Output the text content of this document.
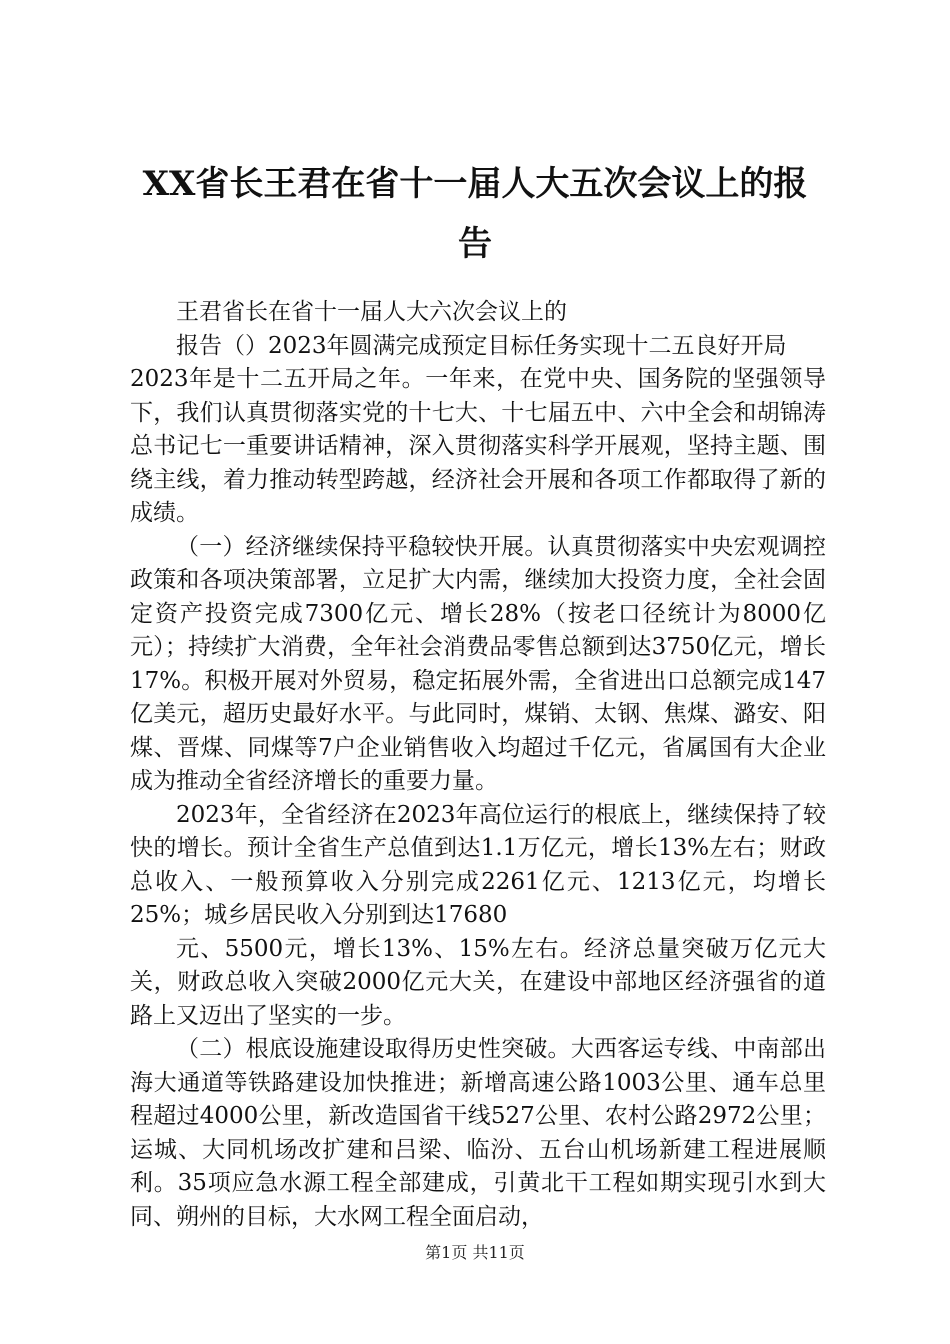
XX省长王君在省十一届人大五次会议上的报
告

王君省长在省十一届人大六次会议上的

报告（）2023年圆满完成预定目标任务实现十二五良好开局

2023年是十二五开局之年。一年来，在党中央、国务院的坚强领导下，我们认真贯彻落实党的十七大、十七届五中、六中全会和胡锦涛总书记七一重要讲话精神，深入贯彻落实科学开展观，坚持主题、围绕主线，着力推动转型跨越，经济社会开展和各项工作都取得了新的成绩。

（一）经济继续保持平稳较快开展。认真贯彻落实中央宏观调控政策和各项决策部署，立足扩大内需，继续加大投资力度，全社会固定资产投资完成7300亿元、增长28%（按老口径统计为8000亿元）；持续扩大消费，全年社会消费品零售总额到达3750亿元，增长17%。积极开展对外贸易，稳定拓展外需，全省进出口总额完成147亿美元，超历史最好水平。与此同时，煤销、太钢、焦煤、潞安、阳煤、晋煤、同煤等7户企业销售收入均超过千亿元，省属国有大企业成为推动全省经济增长的重要力量。

2023年，全省经济在2023年高位运行的根底上，继续保持了较快的增长。预计全省生产总值到达1.1万亿元，增长13%左右；财政总收入、一般预算收入分别完成2261亿元、1213亿元，均增长25%；城乡居民收入分别到达17680

元、5500元，增长13%、15%左右。经济总量突破万亿元大关，财政总收入突破2000亿元大关，在建设中部地区经济强省的道路上又迈出了坚实的一步。

（二）根底设施建设取得历史性突破。大西客运专线、中南部出海大通道等铁路建设加快推进；新增高速公路1003公里、通车总里程超过4000公里，新改造国省干线527公里、农村公路2972公里；运城、大同机场改扩建和吕梁、临汾、五台山机场新建工程进展顺利。35项应急水源工程全部建成，引黄北干工程如期实现引水到大同、朔州的目标，大水网工程全面启动，

第1页 共11页
